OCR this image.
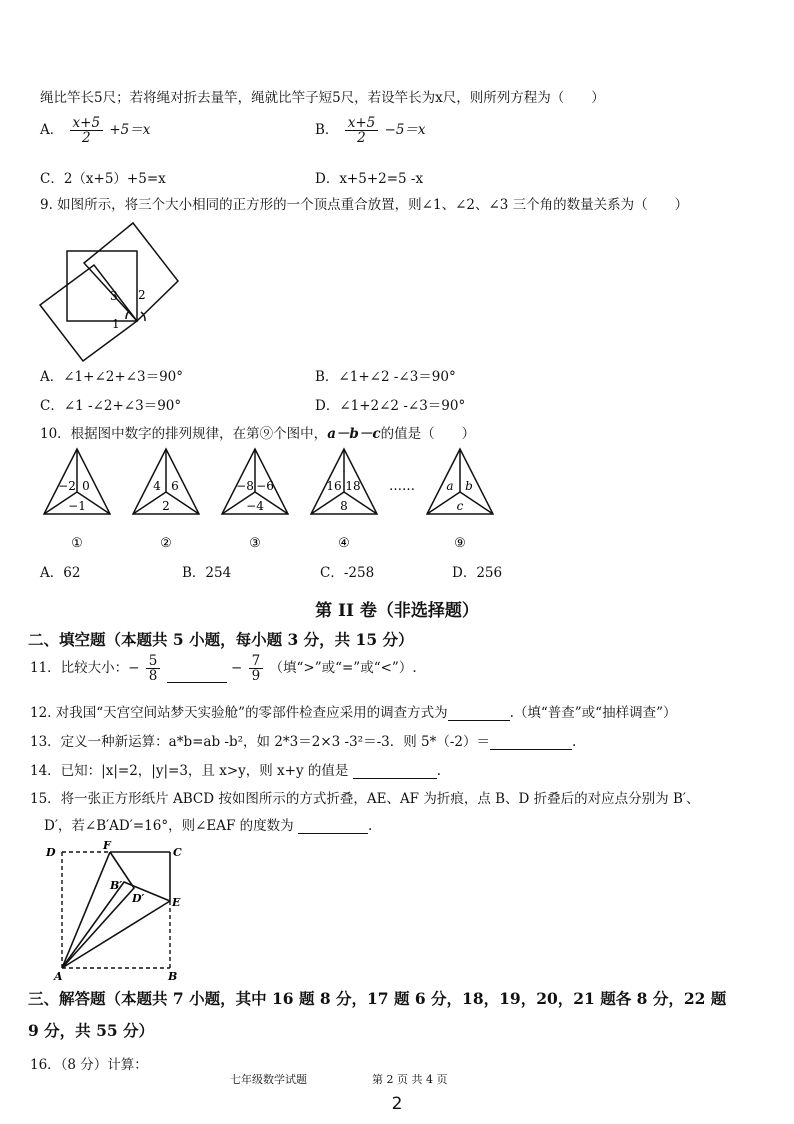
绳比竿长5尺；若将绳对折去量竿，绳就比竿子短5尺，若设竿长为x尺，则所列方程为（　　）
A． $\frac{x+5}{2} +5=x$	B． $\frac{x+5}{2} -5=x$
C．2（x+5）+5=x	D．x+5+2=5 -x
9. 如图所示，将三个大小相同的正方形的一个顶点重合放置，则∠1、∠2、∠3 三个角的数量关系为（　　）
3 2
1
A．∠1+∠2+∠3＝90°	B．∠1+∠2 -∠3＝90°
C．∠1 -∠2+∠3＝90°	D．∠1+2∠2 -∠3＝90°
10．根据图中数字的排列规律，在第⑨个图中，a－b－c的值是（　　）
−2 0
−1
①
4 6
2
②
−8 −6
−4
③
16 18
8
④
……	a b
c
⑨
A．62	B．254	C．-258	D．256
第 II 卷（非选择题）
二、填空题（本题共 5 小题，每小题 3 分，共 15 分）
11．比较大小：− $\frac{5}{8}$	− $\frac{7}{9}$ （填“>”或“=”或“<”）.
12. 对我国“天宫空间站梦天实验舱”的零部件检查应采用的调查方式为	.（填“普查”或“抽样调查”）
13．定义一种新运算：a*b=ab -b²，如 2*3＝2×3 -3²＝-3．则 5*（-2）＝	.
14．已知：|x|=2，|y|=3，且 x>y，则 x+y 的值是	.
15．将一张正方形纸片 ABCD 按如图所示的方式折叠，AE、AF 为折痕，点 B、D 折叠后的对应点分别为 B′、
D′，若∠B′AD′=16°，则∠EAF 的度数为	.
D
F
C
B′
D′	E
A	B
三、解答题（本题共 7 小题，其中 16 题 8 分，17 题 6 分，18，19，20，21 题各 8 分，22 题
9 分，共 55 分）
16．（8 分）计算：
七年级数学试题	第 2 页 共 4 页
2
